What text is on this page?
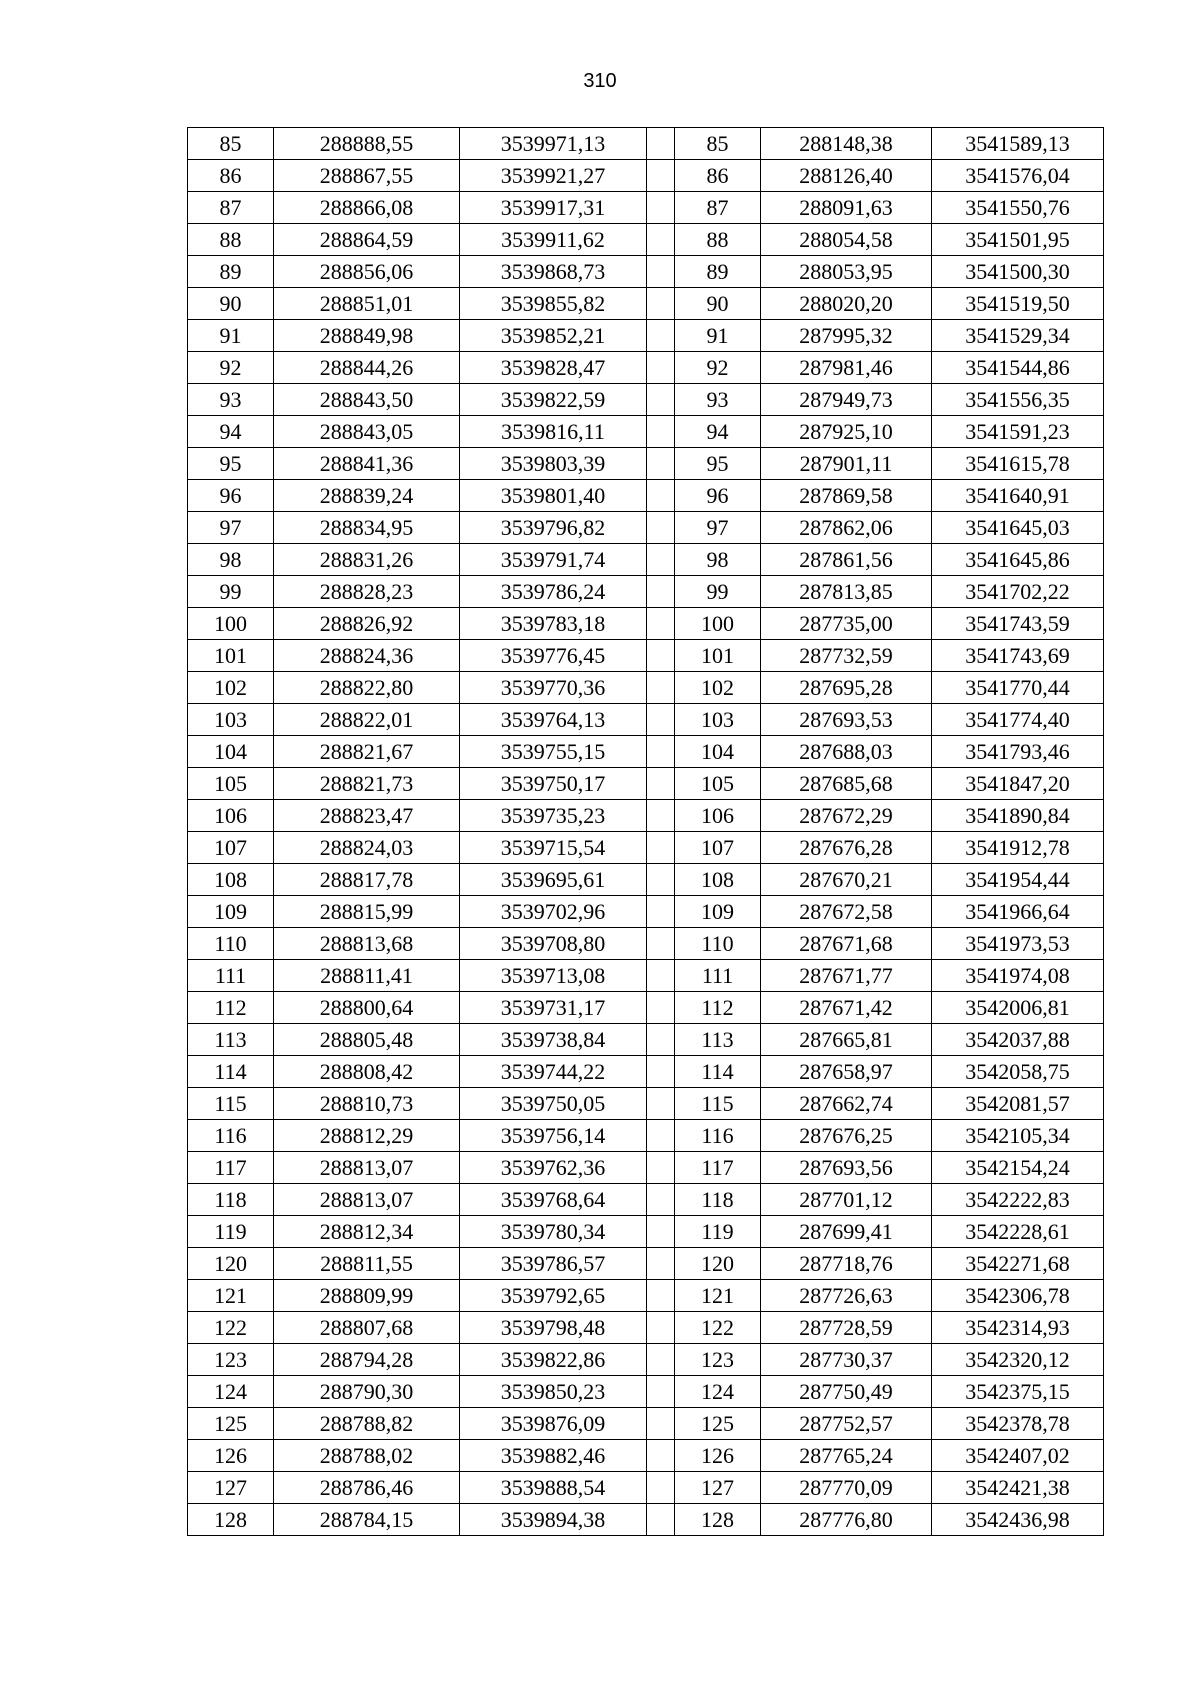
310
85	288888,55	3539971,13		85	288148,38	3541589,13
86	288867,55	3539921,27		86	288126,40	3541576,04
87	288866,08	3539917,31		87	288091,63	3541550,76
88	288864,59	3539911,62		88	288054,58	3541501,95
89	288856,06	3539868,73		89	288053,95	3541500,30
90	288851,01	3539855,82		90	288020,20	3541519,50
91	288849,98	3539852,21		91	287995,32	3541529,34
92	288844,26	3539828,47		92	287981,46	3541544,86
93	288843,50	3539822,59		93	287949,73	3541556,35
94	288843,05	3539816,11		94	287925,10	3541591,23
95	288841,36	3539803,39		95	287901,11	3541615,78
96	288839,24	3539801,40		96	287869,58	3541640,91
97	288834,95	3539796,82		97	287862,06	3541645,03
98	288831,26	3539791,74		98	287861,56	3541645,86
99	288828,23	3539786,24		99	287813,85	3541702,22
100	288826,92	3539783,18		100	287735,00	3541743,59
101	288824,36	3539776,45		101	287732,59	3541743,69
102	288822,80	3539770,36		102	287695,28	3541770,44
103	288822,01	3539764,13		103	287693,53	3541774,40
104	288821,67	3539755,15		104	287688,03	3541793,46
105	288821,73	3539750,17		105	287685,68	3541847,20
106	288823,47	3539735,23		106	287672,29	3541890,84
107	288824,03	3539715,54		107	287676,28	3541912,78
108	288817,78	3539695,61		108	287670,21	3541954,44
109	288815,99	3539702,96		109	287672,58	3541966,64
110	288813,68	3539708,80		110	287671,68	3541973,53
111	288811,41	3539713,08		111	287671,77	3541974,08
112	288800,64	3539731,17		112	287671,42	3542006,81
113	288805,48	3539738,84		113	287665,81	3542037,88
114	288808,42	3539744,22		114	287658,97	3542058,75
115	288810,73	3539750,05		115	287662,74	3542081,57
116	288812,29	3539756,14		116	287676,25	3542105,34
117	288813,07	3539762,36		117	287693,56	3542154,24
118	288813,07	3539768,64		118	287701,12	3542222,83
119	288812,34	3539780,34		119	287699,41	3542228,61
120	288811,55	3539786,57		120	287718,76	3542271,68
121	288809,99	3539792,65		121	287726,63	3542306,78
122	288807,68	3539798,48		122	287728,59	3542314,93
123	288794,28	3539822,86		123	287730,37	3542320,12
124	288790,30	3539850,23		124	287750,49	3542375,15
125	288788,82	3539876,09		125	287752,57	3542378,78
126	288788,02	3539882,46		126	287765,24	3542407,02
127	288786,46	3539888,54		127	287770,09	3542421,38
128	288784,15	3539894,38		128	287776,80	3542436,98
